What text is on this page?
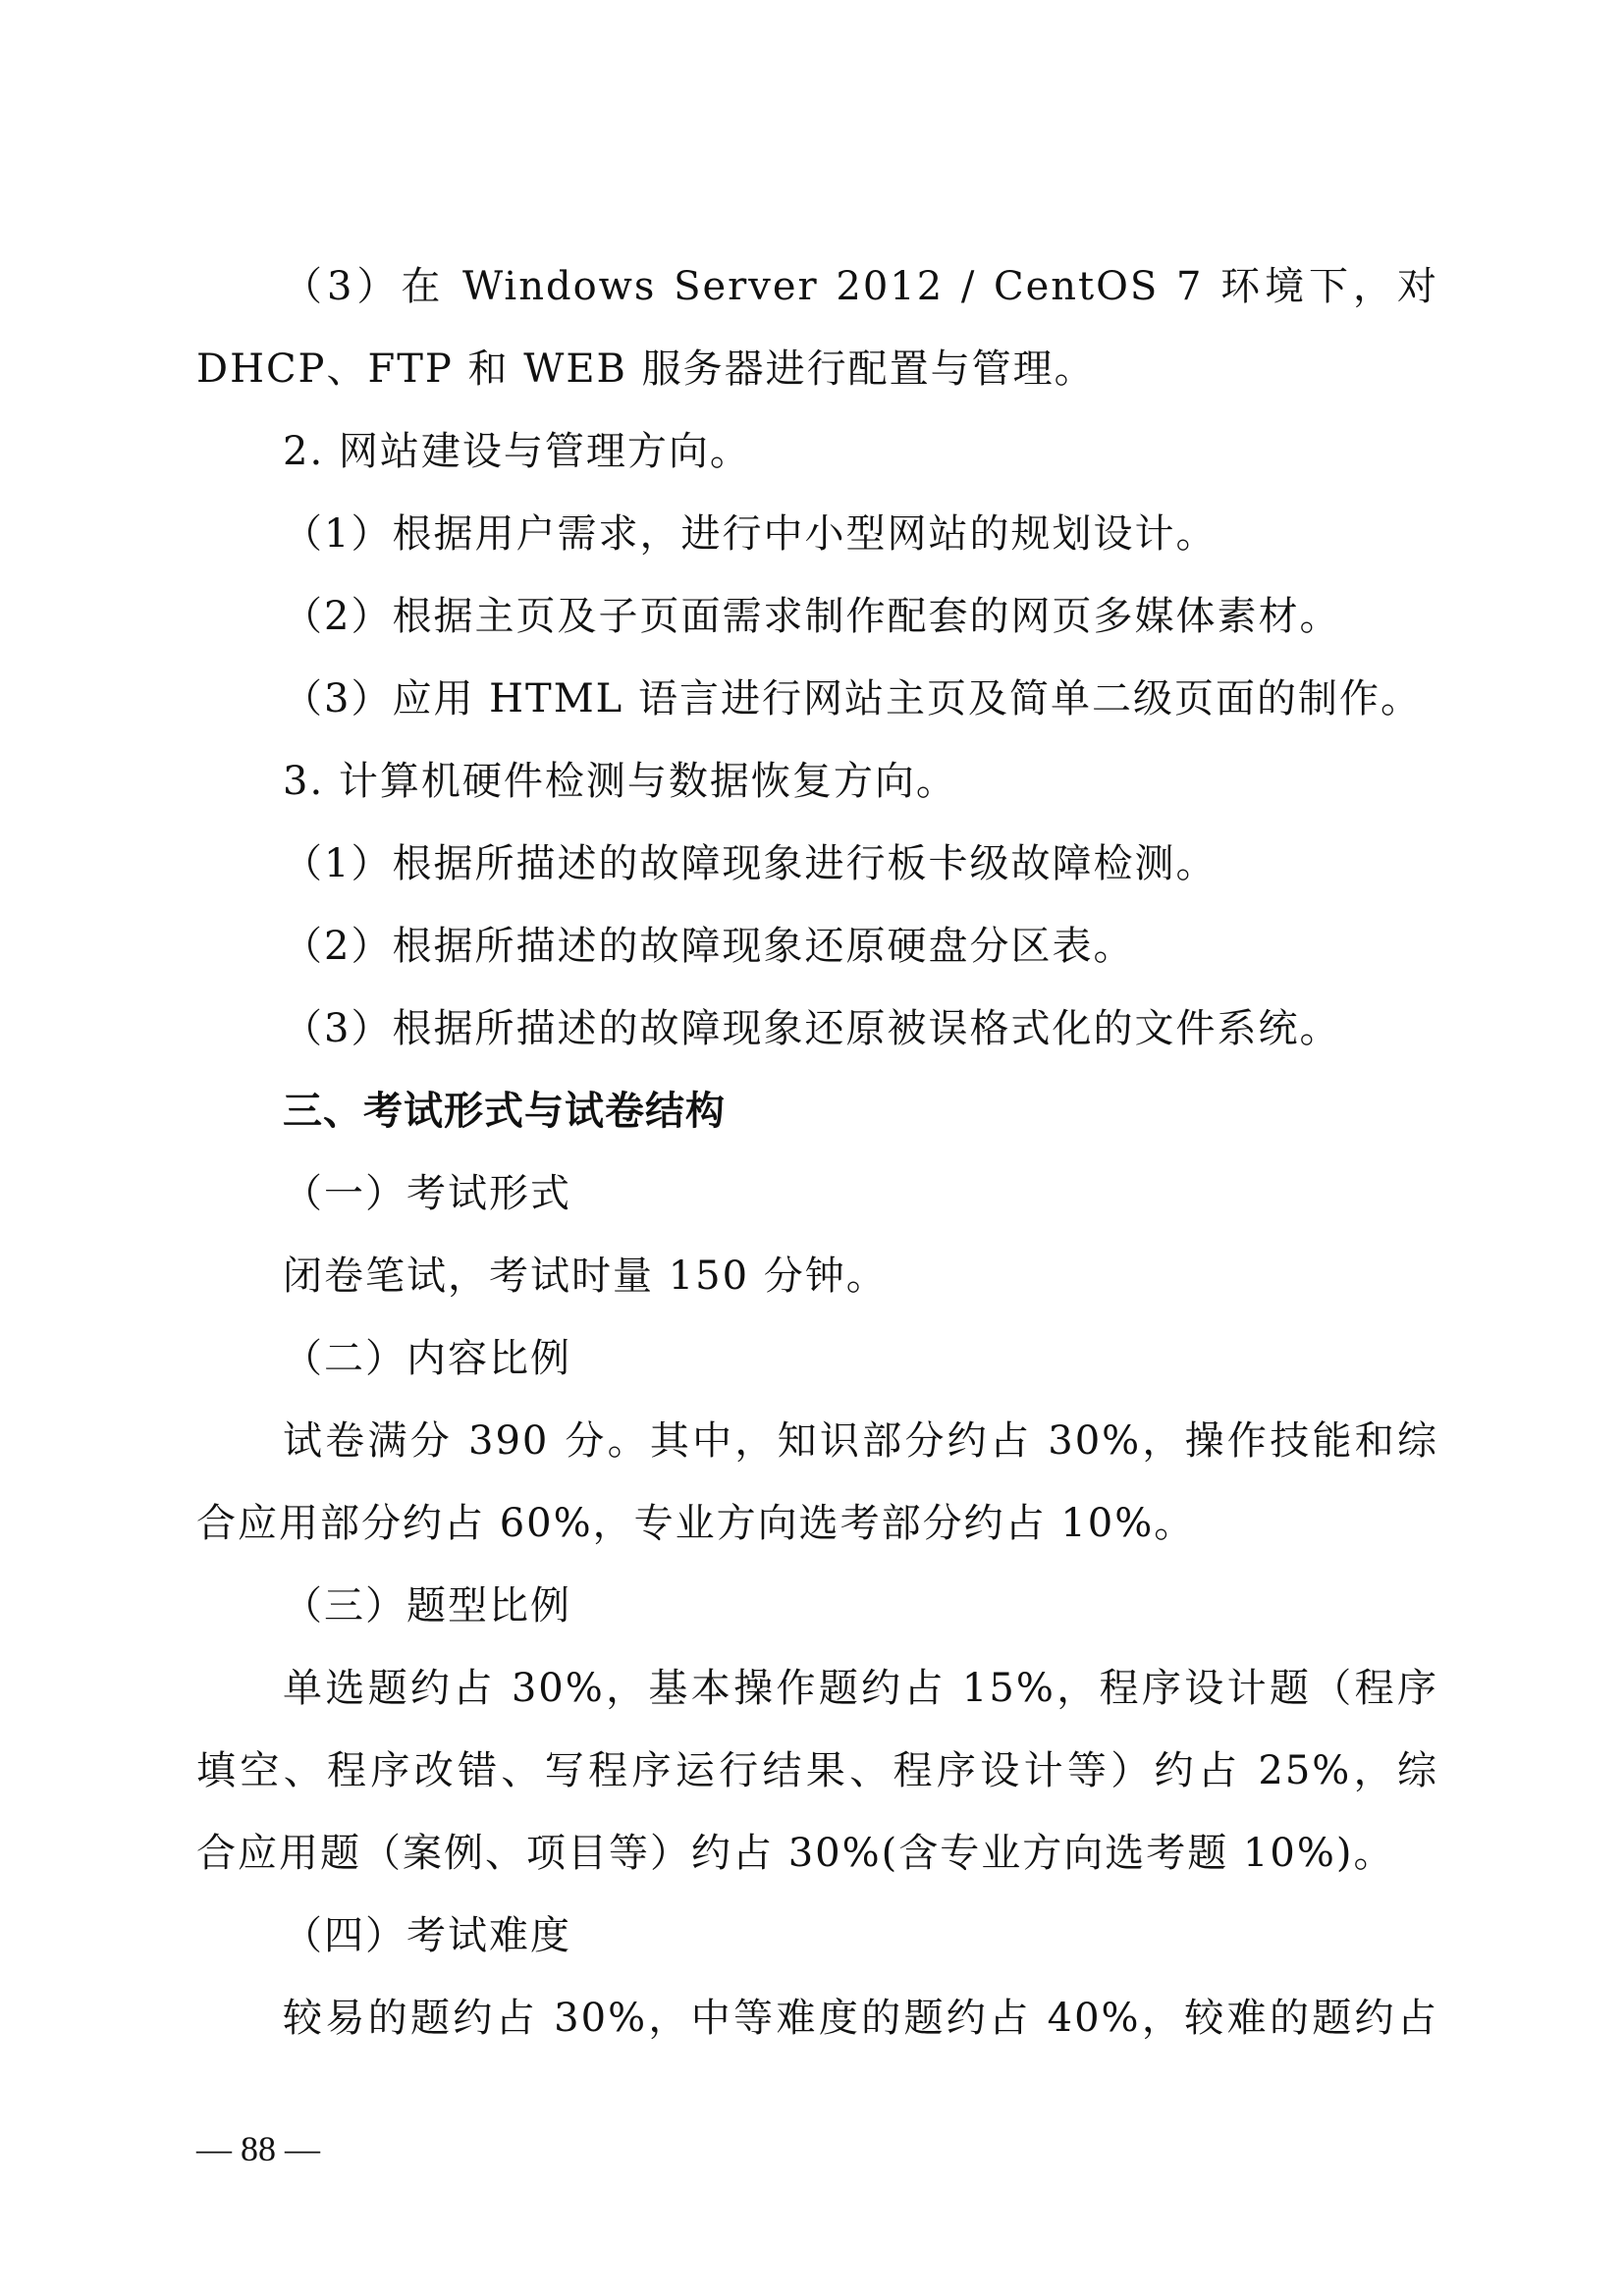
（3）在 Windows Server 2012 / CentOS 7 环境下，对
DHCP、FTP 和 WEB 服务器进行配置与管理。
2. 网站建设与管理方向。
（1）根据用户需求，进行中小型网站的规划设计。
（2）根据主页及子页面需求制作配套的网页多媒体素材。
（3）应用 HTML 语言进行网站主页及简单二级页面的制作。
3. 计算机硬件检测与数据恢复方向。
（1）根据所描述的故障现象进行板卡级故障检测。
（2）根据所描述的故障现象还原硬盘分区表。
（3）根据所描述的故障现象还原被误格式化的文件系统。
三、考试形式与试卷结构
（一）考试形式
闭卷笔试，考试时量 150 分钟。
（二）内容比例
试卷满分 390 分。其中，知识部分约占 30%，操作技能和综
合应用部分约占 60%，专业方向选考部分约占 10%。
（三）题型比例
单选题约占 30%，基本操作题约占 15%，程序设计题（程序
填空、程序改错、写程序运行结果、程序设计等）约占 25%，综
合应用题（案例、项目等）约占 30%(含专业方向选考题 10%)。
（四）考试难度
较易的题约占 30%，中等难度的题约占 40%，较难的题约占
— 88 —
